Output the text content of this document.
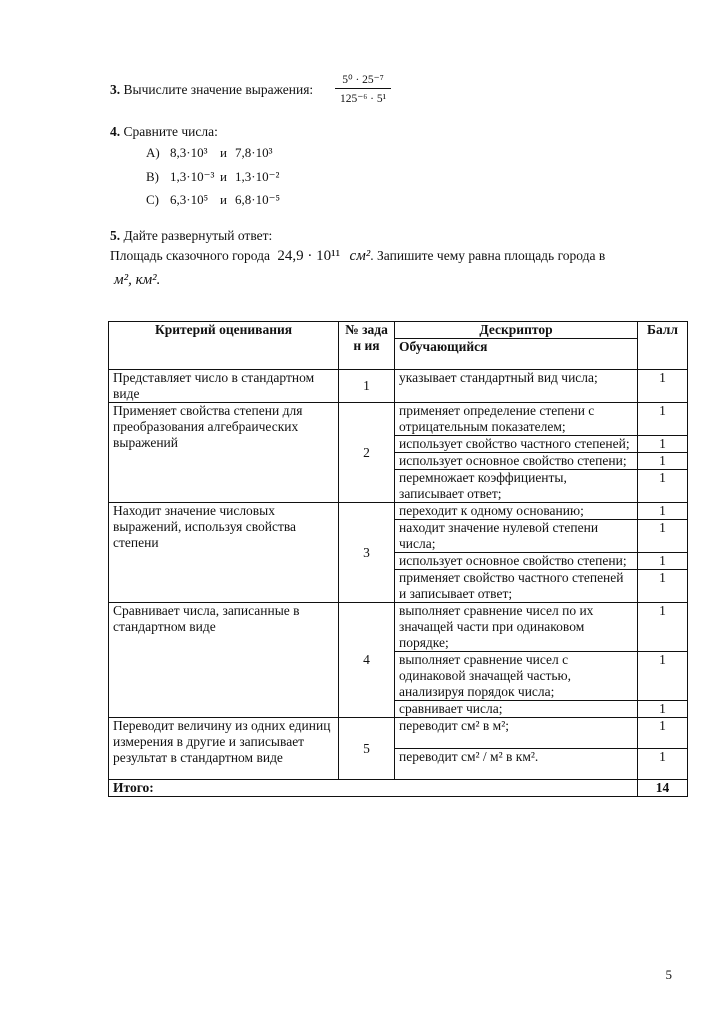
3. Вычислите значение выражения: $\frac{\text{5⁰ · 25⁻⁷}}{\text{125⁻⁶ · 5¹}}$
4. Сравните числа:
A) 8,3·10³ и 7,8·10³
B) 1,3·10⁻³ и 1,3·10⁻²
C) 6,3·10⁵ и 6,8·10⁻⁵
5. Дайте развернутый ответ:
Площадь сказочного города 24,9 · 10¹¹ см². Запишите чему равна площадь города в
м², км².
Критерий оценивания	№ задан ия	Дескриптор	Балл
		Обучающийся	
Представляет число в стандартном виде	1	указывает стандартный вид числа;	1
Применяет свойства степени для преобразования алгебраических выражений	2	применяет определение степени с отрицательным показателем;	1
		использует свойство частного степеней;	1
		использует основное свойство степени;	1
		перемножает коэффициенты, записывает ответ;	1
Находит значение числовых выражений, используя свойства степени	3	переходит к одному основанию;	1
		находит значение нулевой степени числа;	1
		использует основное свойство степени;	1
		применяет свойство частного степеней и записывает ответ;	1
Сравнивает числа, записанные в стандартном виде	4	выполняет сравнение чисел по их значащей части при одинаковом порядке;	1
		выполняет сравнение чисел с одинаковой значащей частью, анализируя порядок числа;	1
		сравнивает числа;	1
Переводит величину из одних единиц измерения в другие и записывает результат в стандартном виде	5	переводит см² в м²;	1
		переводит см² / м² в км².	1
Итого:			14
5
